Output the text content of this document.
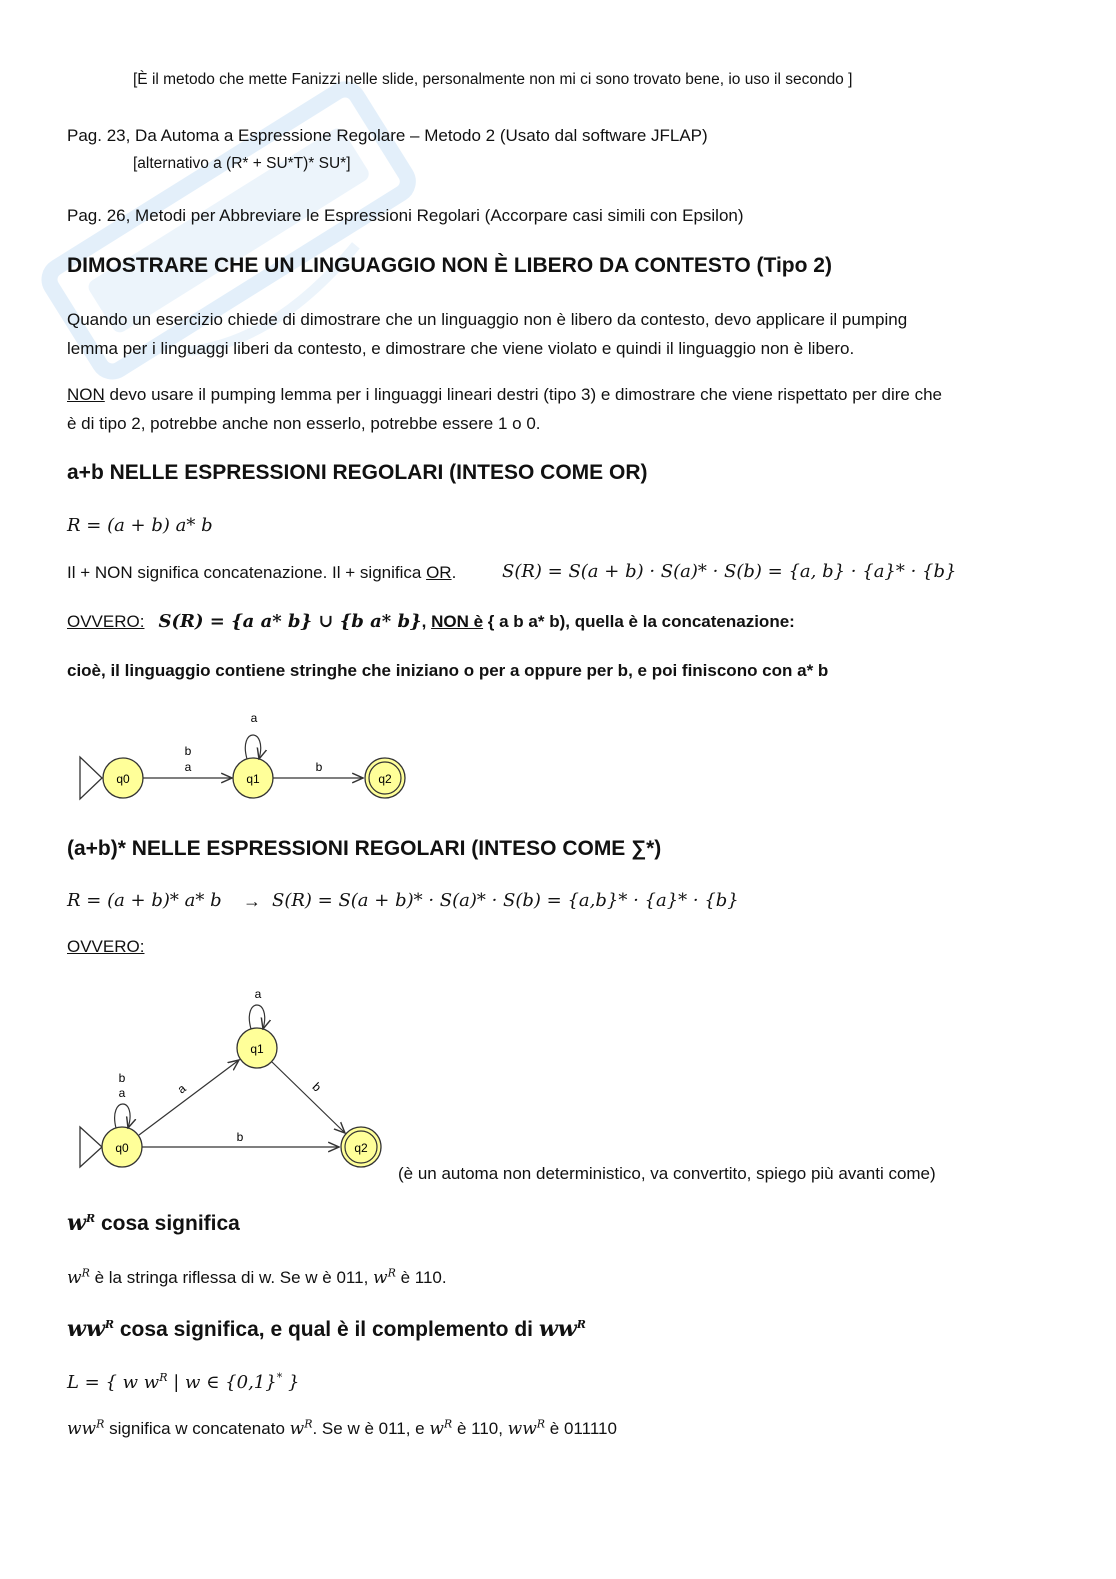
[È il metodo che mette Fanizzi nelle slide, personalmente non mi ci sono trovato bene, io uso il secondo ]
Pag. 23, Da Automa a Espressione Regolare – Metodo 2 (Usato dal software JFLAP)
[alternativo a (R* + SU*T)* SU*]
Pag. 26, Metodi per Abbreviare le Espressioni Regolari (Accorpare casi simili con Epsilon)
DIMOSTRARE CHE UN LINGUAGGIO NON È LIBERO DA CONTESTO (Tipo 2)
Quando un esercizio chiede di dimostrare che un linguaggio non è libero da contesto, devo applicare il pumping
lemma per i linguaggi liberi da contesto, e dimostrare che viene violato e quindi il linguaggio non è libero.
NON devo usare il pumping lemma per i linguaggi lineari destri (tipo 3) e dimostrare che viene rispettato per dire che
è di tipo 2, potrebbe anche non esserlo, potrebbe essere 1 o 0.
a+b NELLE ESPRESSIONI REGOLARI (INTESO COME OR)
R = (a + b) a* b
Il + NON significa concatenazione. Il + significa OR.	S(R) = S(a + b) · S(a)* · S(b) = {a, b} · {a}* · {b}
OVVERO: S(R) = {a a* b} ∪ {b a* b}, NON è { a b a* b), quella è la concatenazione:
cioè, il linguaggio contiene stringhe che iniziano o per a oppure per b, e poi finiscono con a* b
q0
b
a
q1
a
b
q2
(a+b)* NELLE ESPRESSIONI REGOLARI (INTESO COME ∑*)
R = (a + b)* a* b → S(R) = S(a + b)* · S(a)* · S(b) = {a,b}* · {a}* · {b}
OVVERO:
q0
b
a
q1
a
q2
a	b
b
(è un automa non deterministico, va convertito, spiego più avanti come)
$w^R$ cosa significa
$w^R$ è la stringa riflessa di w. Se w è 011, $w^R$ è 110.
$ww^R$ cosa significa, e qual è il complemento di $ww^R$
L = { w $w^R$ | w ∈ {0,1}* }
$ww^R$ significa w concatenato $w^R$. Se w è 011, e $w^R$ è 110, $ww^R$ è 011110
